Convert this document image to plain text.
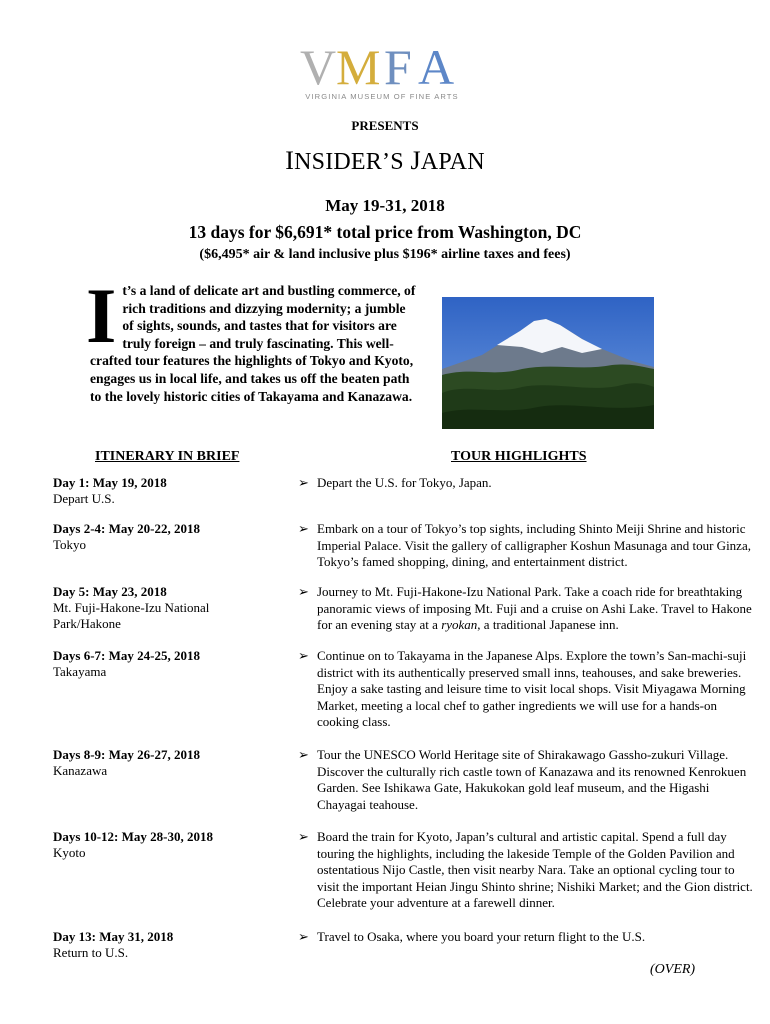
V M F A
VIRGINIA MUSEUM OF FINE ARTS
PRESENTS
INSIDER’S JAPAN
May 19-31, 2018
13 days for $6,691* total price from Washington, DC
($6,495* air & land inclusive plus $196* airline taxes and fees)
It’s a land of delicate art and bustling commerce, of rich traditions and dizzying modernity; a jumble of sights, sounds, and tastes that for visitors are truly foreign – and truly fascinating. This well-crafted tour features the highlights of Tokyo and Kyoto, engages us in local life, and takes us off the beaten path to the lovely historic cities of Takayama and Kanazawa.
ITINERARY IN BRIEF	TOUR HIGHLIGHTS
Day 1: May 19, 2018
Depart U.S.
Days 2-4: May 20-22, 2018
Tokyo
Day 5: May 23, 2018
Mt. Fuji-Hakone-Izu National Park/Hakone
Days 6-7: May 24-25, 2018
Takayama
Days 8-9: May 26-27, 2018
Kanazawa
Days 10-12: May 28-30, 2018
Kyoto
Day 13: May 31, 2018
Return to U.S.
➢ Depart the U.S. for Tokyo, Japan.
➢ Embark on a tour of Tokyo’s top sights, including Shinto Meiji Shrine and historic Imperial Palace. Visit the gallery of calligrapher Koshun Masunaga and tour Ginza, Tokyo’s famed shopping, dining, and entertainment district.
➢ Journey to Mt. Fuji-Hakone-Izu National Park. Take a coach ride for breathtaking panoramic views of imposing Mt. Fuji and a cruise on Ashi Lake. Travel to Hakone for an evening stay at a ryokan, a traditional Japanese inn.
➢ Continue on to Takayama in the Japanese Alps. Explore the town’s San-machi-suji district with its authentically preserved small inns, teahouses, and sake breweries. Enjoy a sake tasting and leisure time to visit local shops. Visit Miyagawa Morning Market, meeting a local chef to gather ingredients we will use for a hands-on cooking class.
➢ Tour the UNESCO World Heritage site of Shirakawago Gassho-zukuri Village. Discover the culturally rich castle town of Kanazawa and its renowned Kenrokuen Garden. See Ishikawa Gate, Hakukokan gold leaf museum, and the Higashi Chayagai teahouse.
➢ Board the train for Kyoto, Japan’s cultural and artistic capital. Spend a full day touring the highlights, including the lakeside Temple of the Golden Pavilion and ostentatious Nijo Castle, then visit nearby Nara. Take an optional cycling tour to visit the important Heian Jingu Shinto shrine; Nishiki Market; and the Gion district. Celebrate your adventure at a farewell dinner.
➢ Travel to Osaka, where you board your return flight to the U.S.
(OVER)
